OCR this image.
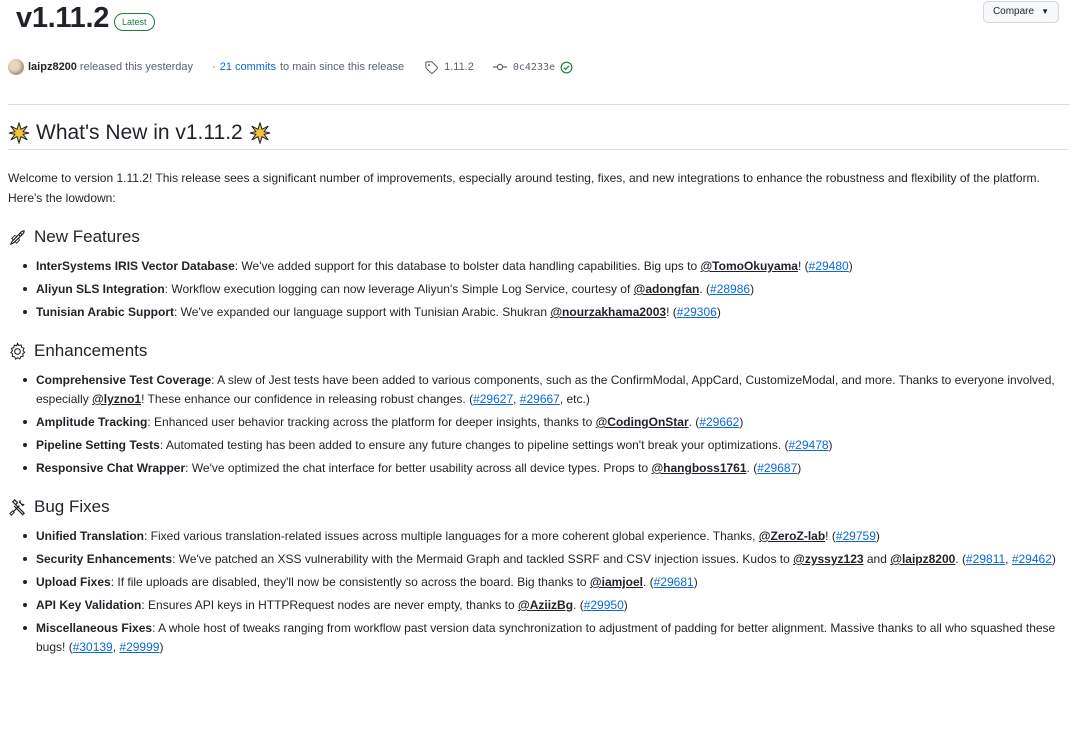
v1.11.2	Latest
Compare ▼
laipz8200 released this yesterday · 21 commits to main since this release	1.11.2	0c4233e
What's New in v1.11.2

Welcome to version 1.11.2! This release sees a significant number of improvements, especially around testing, fixes, and new integrations to enhance the robustness and flexibility of the platform. Here's the lowdown:

New Features
InterSystems IRIS Vector Database: We've added support for this database to bolster data handling capabilities. Big ups to @TomoOkuyama! (#29480)
Aliyun SLS Integration: Workflow execution logging can now leverage Aliyun's Simple Log Service, courtesy of @adongfan. (#28986)
Tunisian Arabic Support: We've expanded our language support with Tunisian Arabic. Shukran @nourzakhama2003! (#29306)
Enhancements
Comprehensive Test Coverage: A slew of Jest tests have been added to various components, such as the ConfirmModal, AppCard, CustomizeModal, and more. Thanks to everyone involved, especially @lyzno1! These enhance our confidence in releasing robust changes. (#29627, #29667, etc.)
Amplitude Tracking: Enhanced user behavior tracking across the platform for deeper insights, thanks to @CodingOnStar. (#29662)
Pipeline Setting Tests: Automated testing has been added to ensure any future changes to pipeline settings won't break your optimizations. (#29478)
Responsive Chat Wrapper: We've optimized the chat interface for better usability across all device types. Props to @hangboss1761. (#29687)
Bug Fixes
Unified Translation: Fixed various translation-related issues across multiple languages for a more coherent global experience. Thanks, @ZeroZ-lab! (#29759)
Security Enhancements: We've patched an XSS vulnerability with the Mermaid Graph and tackled SSRF and CSV injection issues. Kudos to @zyssyz123 and @laipz8200. (#29811, #29462)
Upload Fixes: If file uploads are disabled, they'll now be consistently so across the board. Big thanks to @iamjoel. (#29681)
API Key Validation: Ensures API keys in HTTPRequest nodes are never empty, thanks to @AziizBg. (#29950)
Miscellaneous Fixes: A whole host of tweaks ranging from workflow past version data synchronization to adjustment of padding for better alignment. Massive thanks to all who squashed these bugs! (#30139, #29999)
